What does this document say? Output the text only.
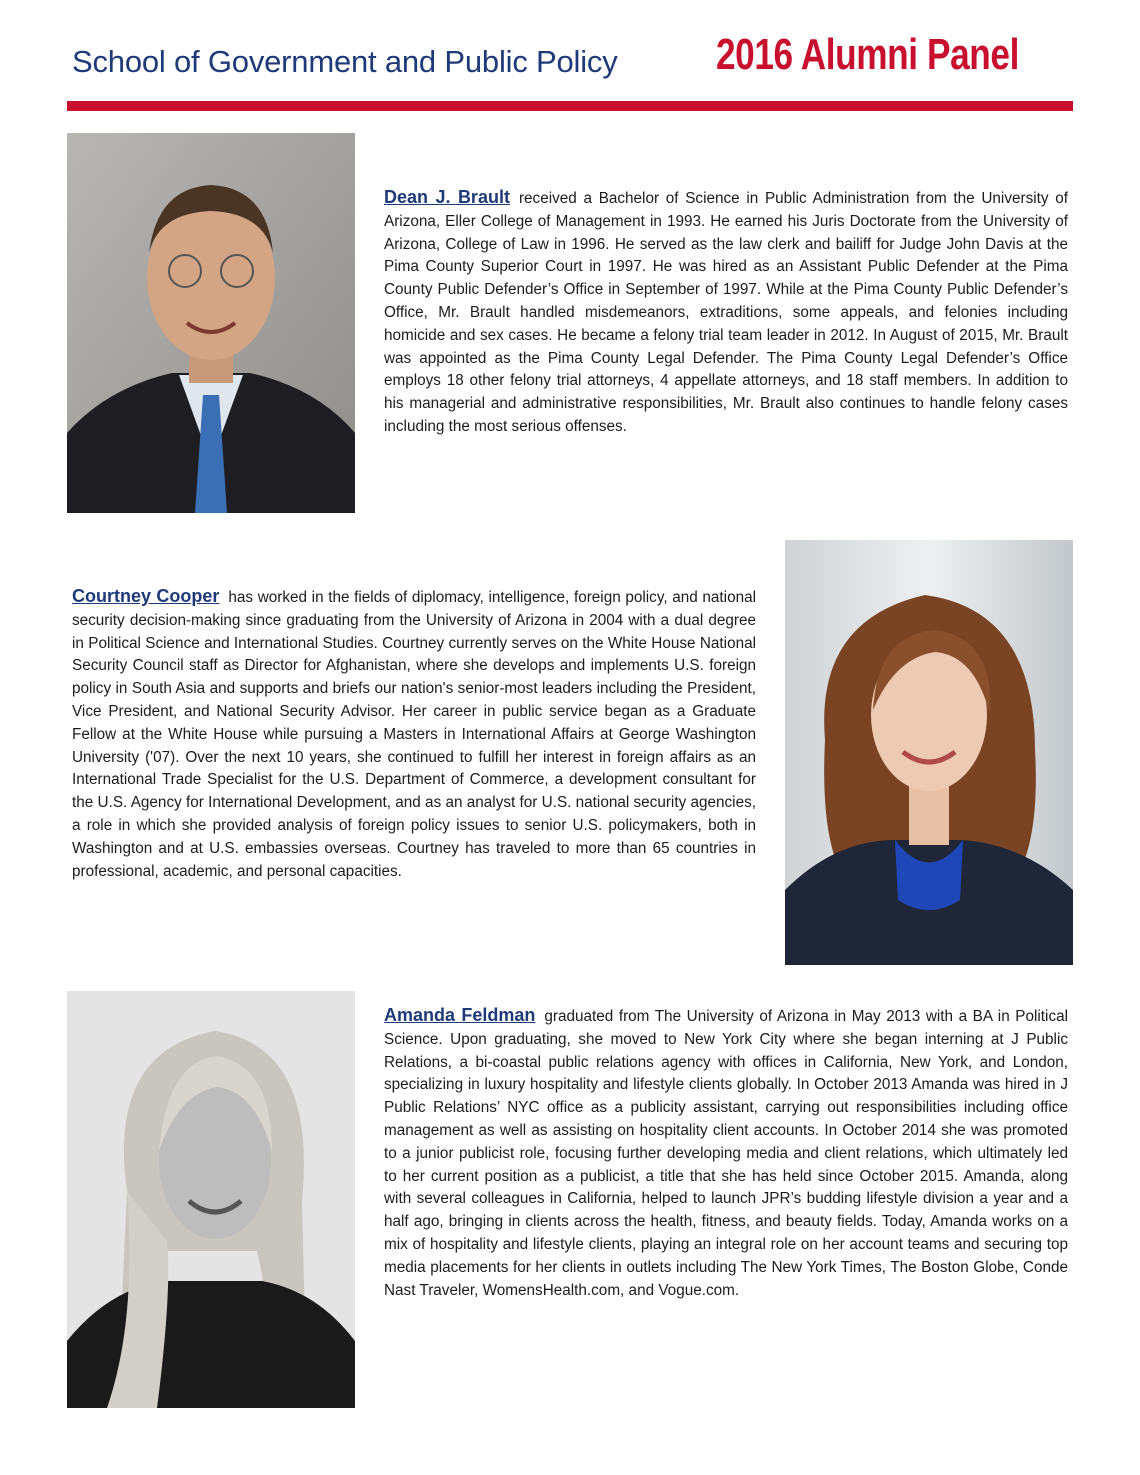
School of Government and Public Policy 2016 Alumni Panel
Dean J. Brault received a Bachelor of Science in Public Administration from the University of Arizona, Eller College of Management in 1993. He earned his Juris Doctorate from the University of Arizona, College of Law in 1996. He served as the law clerk and bailiff for Judge John Davis at the Pima County Superior Court in 1997. He was hired as an Assistant Public Defender at the Pima County Public Defender’s Office in September of 1997. While at the Pima County Public Defender’s Office, Mr. Brault handled misdemeanors, extraditions, some appeals, and felonies including homicide and sex cases. He became a felony trial team leader in 2012. In August of 2015, Mr. Brault was appointed as the Pima County Legal Defender. The Pima County Legal Defender’s Office employs 18 other felony trial attorneys, 4 appellate attorneys, and 18 staff members. In addition to his managerial and administrative responsibilities, Mr. Brault also continues to handle felony cases including the most serious offenses.
Courtney Cooper has worked in the fields of diplomacy, intelligence, foreign policy, and national security decision-making since graduating from the University of Arizona in 2004 with a dual degree in Political Science and International Studies. Courtney currently serves on the White House National Security Council staff as Director for Afghanistan, where she develops and implements U.S. foreign policy in South Asia and supports and briefs our nation's senior-most leaders including the President, Vice President, and National Security Advisor. Her career in public service began as a Graduate Fellow at the White House while pursuing a Masters in International Affairs at George Washington University ('07). Over the next 10 years, she continued to fulfill her interest in foreign affairs as an International Trade Specialist for the U.S. Department of Commerce, a development consultant for the U.S. Agency for International Development, and as an analyst for U.S. national security agencies, a role in which she provided analysis of foreign policy issues to senior U.S. policymakers, both in Washington and at U.S. embassies overseas. Courtney has traveled to more than 65 countries in professional, academic, and personal capacities.
Amanda Feldman graduated from The University of Arizona in May 2013 with a BA in Political Science. Upon graduating, she moved to New York City where she began interning at J Public Relations, a bi-coastal public relations agency with offices in California, New York, and London, specializing in luxury hospitality and lifestyle clients globally. In October 2013 Amanda was hired in J Public Relations’ NYC office as a publicity assistant, carrying out responsibilities including office management as well as assisting on hospitality client accounts. In October 2014 she was promoted to a junior publicist role, focusing further developing media and client relations, which ultimately led to her current position as a publicist, a title that she has held since October 2015. Amanda, along with several colleagues in California, helped to launch JPR’s budding lifestyle division a year and a half ago, bringing in clients across the health, fitness, and beauty fields. Today, Amanda works on a mix of hospitality and lifestyle clients, playing an integral role on her account teams and securing top media placements for her clients in outlets including The New York Times, The Boston Globe, Conde Nast Traveler, WomensHealth.com, and Vogue.com.
